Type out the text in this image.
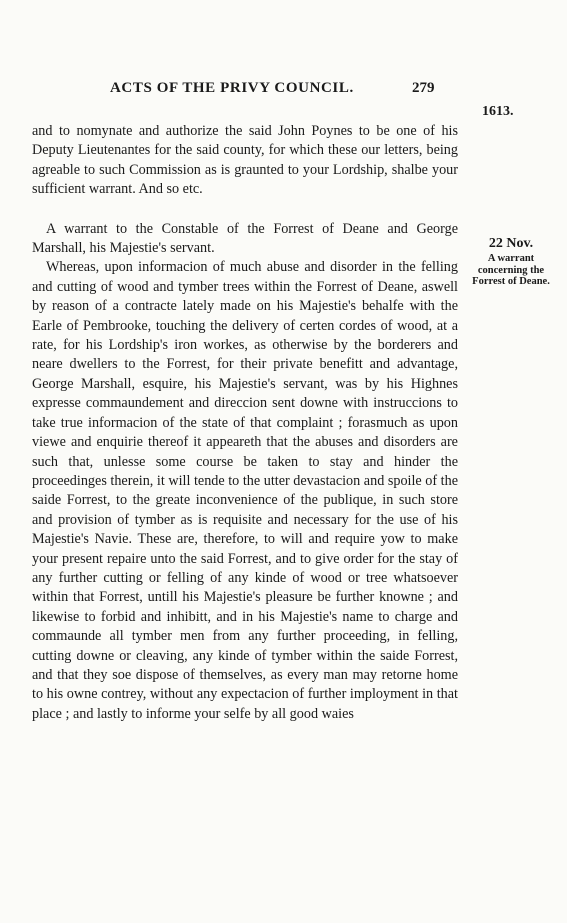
ACTS OF THE PRIVY COUNCIL.	279
1613.

and to nomynate and authorize the said John Poynes to be one of his Deputy Lieutenantes for the said county, for which these our letters, being agreable to such Commission as is graunted to your Lordship, shalbe your sufficient warrant. And so etc.

A warrant to the Constable of the Forrest of Deane and George Marshall, his Majestie's servant.

Whereas, upon informacion of much abuse and disorder in the felling and cutting of wood and tymber trees within the Forrest of Deane, aswell by reason of a contracte lately made on his Majestie's behalfe with the Earle of Pembrooke, touching the delivery of certen cordes of wood, at a rate, for his Lordship's iron workes, as otherwise by the borderers and neare dwellers to the Forrest, for their private benefitt and advantage, George Marshall, esquire, his Majestie's servant, was by his Highnes expresse commaundement and direccion sent downe with instruccions to take true informacion of the state of that complaint ; forasmuch as upon viewe and enquirie thereof it appeareth that the abuses and disorders are such that, unlesse some course be taken to stay and hinder the proceedinges therein, it will tende to the utter devastacion and spoile of the saide Forrest, to the greate inconvenience of the publique, in such store and provision of tymber as is requisite and necessary for the use of his Majestie's Navie. These are, therefore, to will and require yow to make your present repaire unto the said Forrest, and to give order for the stay of any further cutting or felling of any kinde of wood or tree whatsoever within that Forrest, untill his Majestie's pleasure be further knowne ; and likewise to forbid and inhibitt, and in his Majestie's name to charge and commaunde all tymber men from any further proceeding, in felling, cutting downe or cleaving, any kinde of tymber within the saide Forrest, and that they soe dispose of themselves, as every man may retorne home to his owne contrey, without any expectacion of further imployment in that place ; and lastly to informe your selfe by all good waies

22 Nov.
A warrant concerning the Forrest of Deane.
